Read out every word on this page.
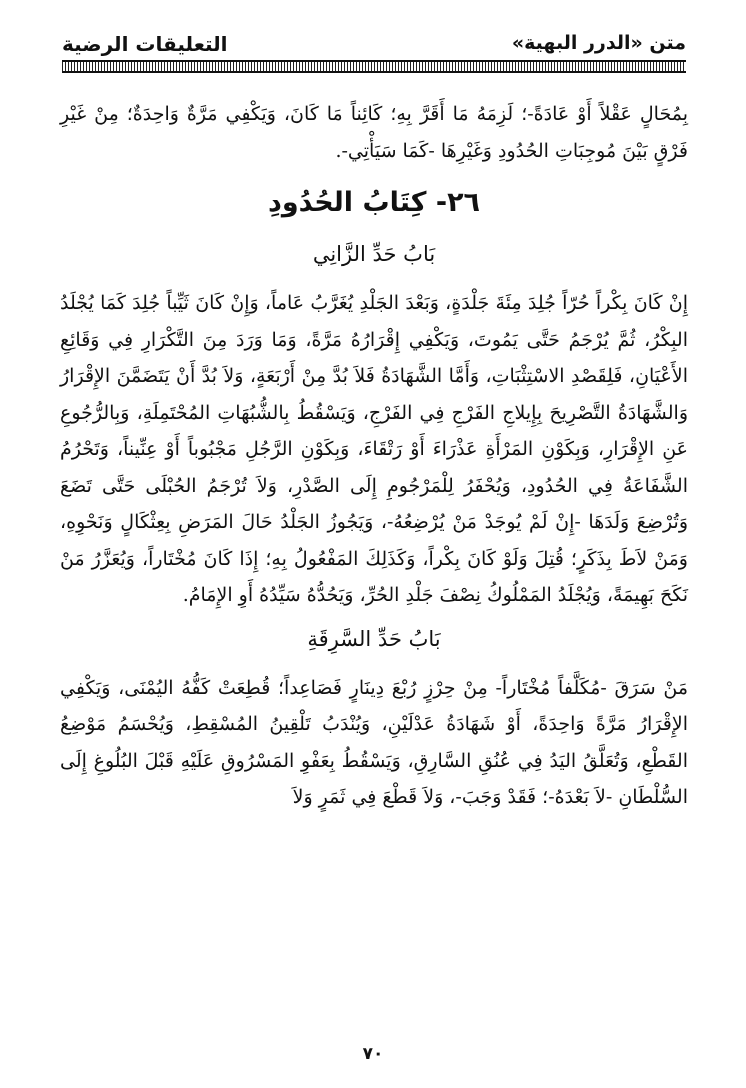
متن «الدرر البهية»
التعليقات الرضية

بِمُحَالٍ عَقْلاً أَوْ عَادَةً-؛ لَزِمَهُ مَا أَقَرَّ بِهِ؛ كَائِناً مَا كَانَ، وَيَكْفِي مَرَّةٌ وَاحِدَةٌ؛ مِنْ غَيْرِ فَرْقٍ بَيْنَ مُوجِبَاتِ الحُدُودِ وَغَيْرِهَا -كَمَا سَيَأْتِي-.

٢٦- كِتَابُ الحُدُودِ
بَابُ حَدِّ الزَّانِي

إِنْ كَانَ بِكْراً حُرّاً جُلِدَ مِئَةَ جَلْدَةٍ، وَبَعْدَ الجَلْدِ يُغَرَّبُ عَاماً، وَإِنْ كَانَ ثَيِّباً جُلِدَ كَمَا يُجْلَدُ البِكْرُ، ثُمَّ يُرْجَمُ حَتَّى يَمُوتَ، وَيَكْفِي إِقْرَارُهُ مَرَّةً، وَمَا وَرَدَ مِنَ التَّكْرَارِ فِي وَقَائِعِ الأَعْيَانِ، فَلِقَصْدِ الاسْتِثْبَاتِ، وَأَمَّا الشَّهَادَةُ فَلاَ بُدَّ مِنْ أَرْبَعَةٍ، وَلاَ بُدَّ أَنْ يَتَضَمَّنَ الإِقْرَارُ وَالشَّهَادَةُ التَّصْرِيحَ بِإِيلاجِ الفَرْجِ فِي الفَرْجِ، وَيَسْقُطُ بِالشُّبُهَاتِ المُحْتَمِلَةِ، وَبِالرُّجُوعِ عَنِ الإِقْرَارِ، وَبِكَوْنِ المَرْأَةِ عَذْرَاءَ أَوْ رَتْقَاءَ، وَبِكَوْنِ الرَّجُلِ مَجْبُوباً أَوْ عِنِّيناً، وَتَحْرُمُ الشَّفَاعَةُ فِي الحُدُودِ، وَيُحْفَرُ لِلْمَرْجُومِ إِلَى الصَّدْرِ، وَلاَ تُرْجَمُ الحُبْلَى حَتَّى تَضَعَ وَتُرْضِعَ وَلَدَهَا -إِنْ لَمْ يُوجَدْ مَنْ يُرْضِعُهُ-، وَيَجُوزُ الجَلْدُ حَالَ المَرَضِ بِعِثْكَالٍ وَنَحْوِهِ، وَمَنْ لاَطَ بِذَكَرٍ؛ قُتِلَ وَلَوْ كَانَ بِكْراً، وَكَذَلِكَ المَفْعُولُ بِهِ؛ إِذَا كَانَ مُخْتَاراً، وَيُعَزَّرُ مَنْ نَكَحَ بَهِيمَةً، وَيُجْلَدُ المَمْلُوكُ نِصْفَ جَلْدِ الحُرِّ، وَيَحُدُّهُ سَيِّدُهُ أَوِ الإِمَامُ.

بَابُ حَدِّ السَّرِقَةِ

مَنْ سَرَقَ -مُكَلَّفاً مُخْتَاراً- مِنْ حِرْزٍ رُبْعَ دِينَارٍ فَصَاعِداً؛ قُطِعَتْ كَفُّهُ اليُمْنَى، وَيَكْفِي الإِقْرَارُ مَرَّةً وَاحِدَةً، أَوْ شَهَادَةُ عَدْلَيْنِ، وَيُنْدَبُ تَلْقِينُ المُسْقِطِ، وَيُحْسَمُ مَوْضِعُ القَطْعِ، وَتُعَلَّقُ اليَدُ فِي عُنُقِ السَّارِقِ، وَيَسْقُطُ بِعَفْوِ المَسْرُوقِ عَلَيْهِ قَبْلَ البُلُوغِ إِلَى السُّلْطَانِ -لاَ بَعْدَهُ-؛ فَقَدْ وَجَبَ-، وَلاَ قَطْعَ فِي ثَمَرٍ وَلاَ

٧٠
